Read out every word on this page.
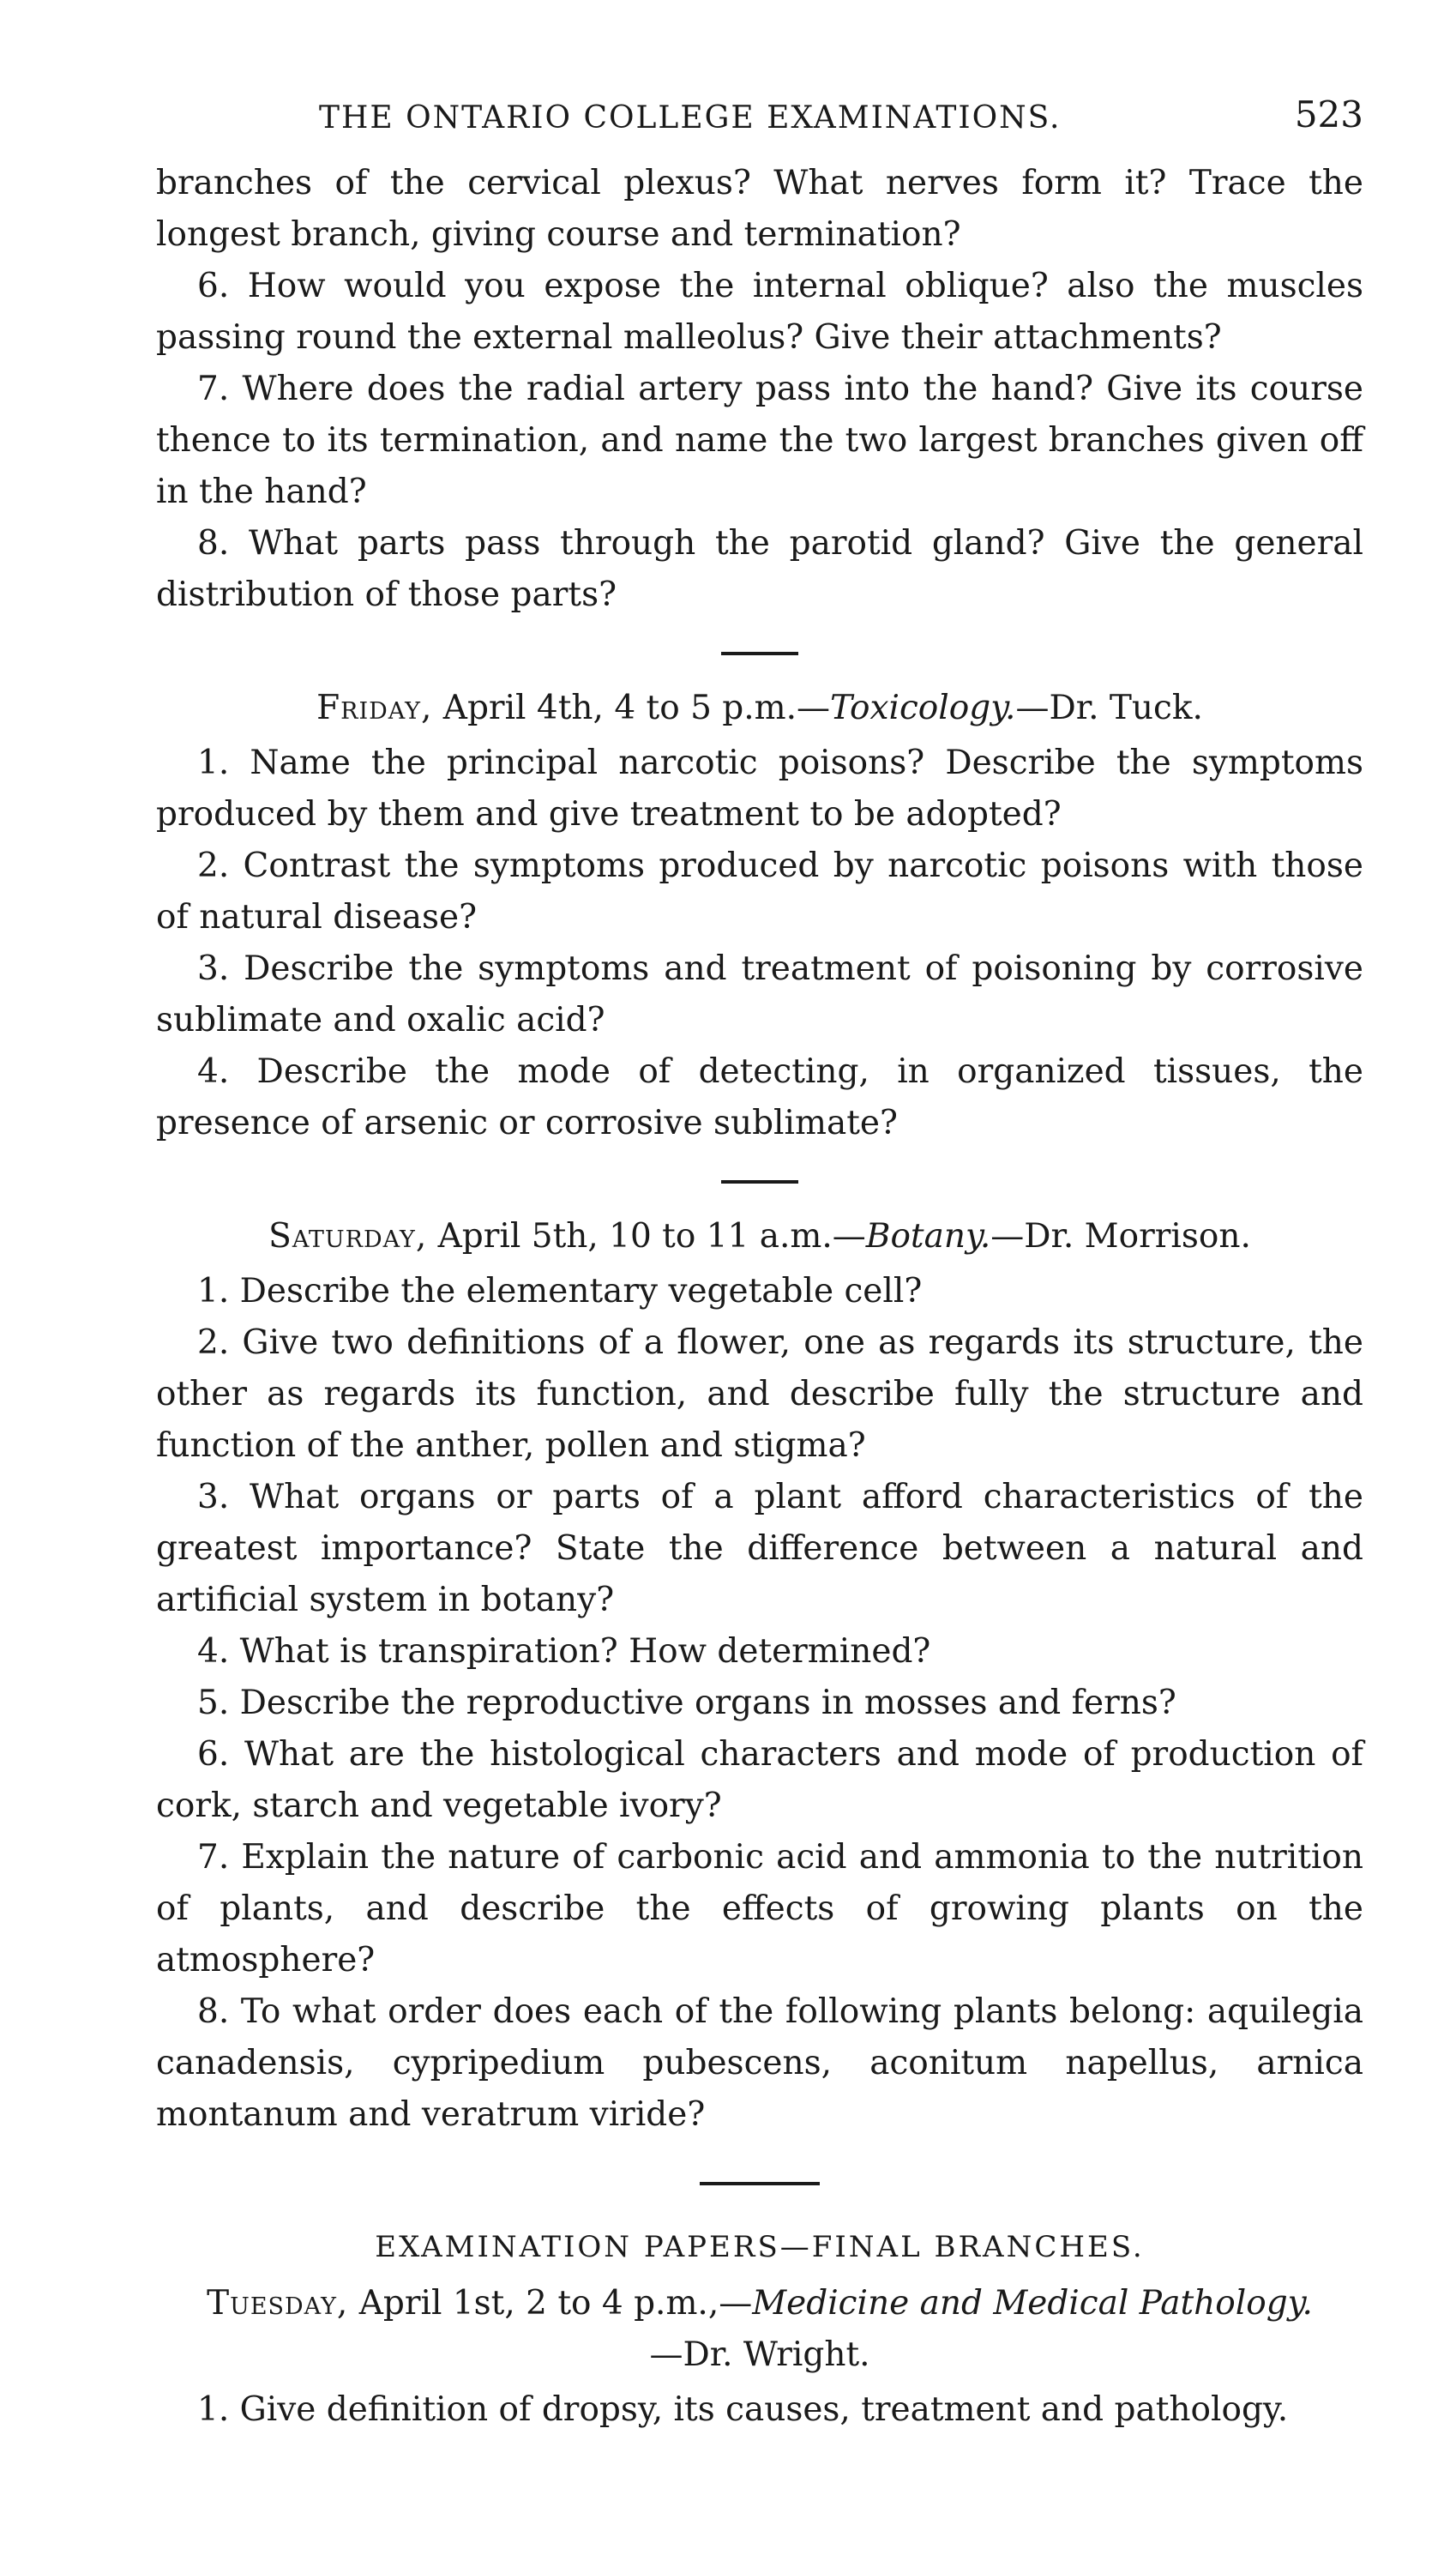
THE ONTARIO COLLEGE EXAMINATIONS.	523

branches of the cervical plexus? What nerves form it? Trace the longest branch, giving course and termination?

6. How would you expose the internal oblique? also the muscles passing round the external malleolus? Give their attachments?

7. Where does the radial artery pass into the hand? Give its course thence to its termination, and name the two largest branches given off in the hand?

8. What parts pass through the parotid gland? Give the general distribution of those parts?

Friday, April 4th, 4 to 5 p.m.—Toxicology.—Dr. Tuck.

1. Name the principal narcotic poisons? Describe the symptoms produced by them and give treatment to be adopted?

2. Contrast the symptoms produced by narcotic poisons with those of natural disease?

3. Describe the symptoms and treatment of poisoning by corrosive sublimate and oxalic acid?

4. Describe the mode of detecting, in organized tissues, the presence of arsenic or corrosive sublimate?

Saturday, April 5th, 10 to 11 a.m.—Botany.—Dr. Morrison.

1. Describe the elementary vegetable cell?

2. Give two definitions of a flower, one as regards its structure, the other as regards its function, and describe fully the structure and function of the anther, pollen and stigma?

3. What organs or parts of a plant afford characteristics of the greatest importance? State the difference between a natural and artificial system in botany?

4. What is transpiration? How determined?

5. Describe the reproductive organs in mosses and ferns?

6. What are the histological characters and mode of production of cork, starch and vegetable ivory?

7. Explain the nature of carbonic acid and ammonia to the nutrition of plants, and describe the effects of growing plants on the atmosphere?

8. To what order does each of the following plants belong: aquilegia canadensis, cypripedium pubescens, aconitum napellus, arnica montanum and veratrum viride?

EXAMINATION PAPERS—FINAL BRANCHES.

Tuesday, April 1st, 2 to 4 p.m.,—Medicine and Medical Pathology.

—Dr. Wright.

1. Give definition of dropsy, its causes, treatment and pathology.
